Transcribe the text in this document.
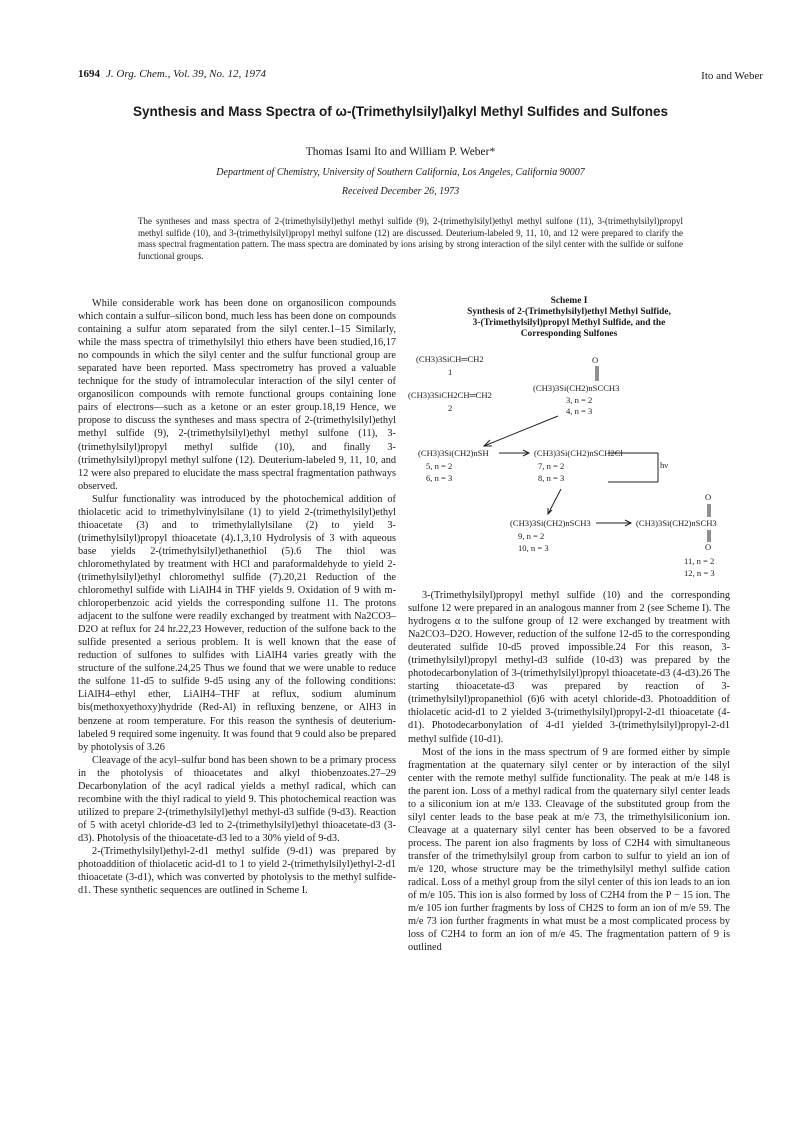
1694 J. Org. Chem., Vol. 39, No. 12, 1974	Ito and Weber
Synthesis and Mass Spectra of ω-(Trimethylsilyl)alkyl Methyl Sulfides and Sulfones
Thomas Isami Ito and William P. Weber*
Department of Chemistry, University of Southern California, Los Angeles, California 90007
Received December 26, 1973
The syntheses and mass spectra of 2-(trimethylsilyl)ethyl methyl sulfide (9), 2-(trimethylsilyl)ethyl methyl sulfone (11), 3-(trimethylsilyl)propyl methyl sulfide (10), and 3-(trimethylsilyl)propyl methyl sulfone (12) are discussed. Deuterium-labeled 9, 11, 10, and 12 were prepared to clarify the mass spectral fragmentation pattern. The mass spectra are dominated by ions arising by strong interaction of the silyl center with the sulfide or sulfone functional groups.

While considerable work has been done on organosilicon compounds which contain a sulfur–silicon bond, much less has been done on compounds containing a sulfur atom separated from the silyl center.1–15 Similarly, while the mass spectra of trimethylsilyl thio ethers have been studied,16,17 no compounds in which the silyl center and the sulfur functional group are separated have been reported. Mass spectrometry has proved a valuable technique for the study of intramolecular interaction of the silyl center of organosilicon compounds with remote functional groups containing lone pairs of electrons—such as a ketone or an ester group.18,19 Hence, we propose to discuss the syntheses and mass spectra of 2-(trimethylsilyl)ethyl methyl sulfide (9), 2-(trimethylsilyl)ethyl methyl sulfone (11), 3-(trimethylsilyl)propyl methyl sulfide (10), and finally 3-(trimethylsilyl)propyl methyl sulfone (12). Deuterium-labeled 9, 11, 10, and 12 were also prepared to elucidate the mass spectral fragmentation pathways observed.

Sulfur functionality was introduced by the photochemical addition of thiolacetic acid to trimethylvinylsilane (1) to yield 2-(trimethylsilyl)ethyl thioacetate (3) and to trimethylallylsilane (2) to yield 3-(trimethylsilyl)propyl thioacetate (4).1,3,10 Hydrolysis of 3 with aqueous base yields 2-(trimethylsilyl)ethanethiol (5).6 The thiol was chloromethylated by treatment with HCl and paraformaldehyde to yield 2-(trimethylsilyl)ethyl chloromethyl sulfide (7).20,21 Reduction of the chloromethyl sulfide with LiAlH4 in THF yields 9. Oxidation of 9 with m-chloroperbenzoic acid yields the corresponding sulfone 11. The protons adjacent to the sulfone were readily exchanged by treatment with Na2CO3–D2O at reflux for 24 hr.22,23 However, reduction of the sulfone back to the sulfide presented a serious problem. It is well known that the ease of reduction of sulfones to sulfides with LiAlH4 varies greatly with the structure of the sulfone.24,25 Thus we found that we were unable to reduce the sulfone 11-d5 to sulfide 9-d5 using any of the following conditions: LiAlH4–ethyl ether, LiAlH4–THF at reflux, sodium aluminum bis(methoxyethoxy)hydride (Red-Al) in refluxing benzene, or AlH3 in benzene at room temperature. For this reason the synthesis of deuterium-labeled 9 required some ingenuity. It was found that 9 could also be prepared by photolysis of 3.26

Cleavage of the acyl–sulfur bond has been shown to be a primary process in the photolysis of thioacetates and alkyl thiobenzoates.27–29 Decarbonylation of the acyl radical yields a methyl radical, which can recombine with the thiyl radical to yield 9. This photochemical reaction was utilized to prepare 2-(trimethylsilyl)ethyl methyl-d3 sulfide (9-d3). Reaction of 5 with acetyl chloride-d3 led to 2-(trimethylsilyl)ethyl thioacetate-d3 (3-d3). Photolysis of the thioacetate-d3 led to a 30% yield of 9-d3.

2-(Trimethylsilyl)ethyl-2-d1 methyl sulfide (9-d1) was prepared by photoaddition of thiolacetic acid-d1 to 1 to yield 2-(trimethylsilyl)ethyl-2-d1 thioacetate (3-d1), which was converted by photolysis to the methyl sulfide-d1. These synthetic sequences are outlined in Scheme I.

Scheme I
Synthesis of 2-(Trimethylsilyl)ethyl Methyl Sulfide,
3-(Trimethylsilyl)propyl Methyl Sulfide, and the
Corresponding Sulfones
(CH3)3SiCH═CH2
1
(CH3)3SiCH2CH═CH2
2
O
(CH3)3Si(CH2)nSCCH3
3, n = 2
4, n = 3
(CH3)3Si(CH2)nSH
5, n = 2
6, n = 3
(CH3)3Si(CH2)nSCH2Cl
7, n = 2
8, n = 3
hν
(CH3)3Si(CH2)nSCH3
9, n = 2
10, n = 3
O
(CH3)3Si(CH2)nSCH3
O
11, n = 2
12, n = 3

3-(Trimethylsilyl)propyl methyl sulfide (10) and the corresponding sulfone 12 were prepared in an analogous manner from 2 (see Scheme I). The hydrogens α to the sulfone group of 12 were exchanged by treatment with Na2CO3–D2O. However, reduction of the sulfone 12-d5 to the corresponding deuterated sulfide 10-d5 proved impossible.24 For this reason, 3-(trimethylsilyl)propyl methyl-d3 sulfide (10-d3) was prepared by the photodecarbonylation of 3-(trimethylsilyl)propyl thioacetate-d3 (4-d3).26 The starting thioacetate-d3 was prepared by reaction of 3-(trimethylsilyl)propanethiol (6)6 with acetyl chloride-d3. Photoaddition of thiolacetic acid-d1 to 2 yielded 3-(trimethylsilyl)propyl-2-d1 thioacetate (4-d1). Photodecarbonylation of 4-d1 yielded 3-(trimethylsilyl)propyl-2-d1 methyl sulfide (10-d1).

Most of the ions in the mass spectrum of 9 are formed either by simple fragmentation at the quaternary silyl center or by interaction of the silyl center with the remote methyl sulfide functionality. The peak at m/e 148 is the parent ion. Loss of a methyl radical from the quaternary silyl center leads to a siliconium ion at m/e 133. Cleavage of the substituted group from the silyl center leads to the base peak at m/e 73, the trimethylsiliconium ion. Cleavage at a quaternary silyl center has been observed to be a favored process. The parent ion also fragments by loss of C2H4 with simultaneous transfer of the trimethylsilyl group from carbon to sulfur to yield an ion of m/e 120, whose structure may be the trimethylsilyl methyl sulfide cation radical. Loss of a methyl group from the silyl center of this ion leads to an ion of m/e 105. This ion is also formed by loss of C2H4 from the P − 15 ion. The m/e 105 ion further fragments by loss of CH2S to form an ion of m/e 59. The m/e 73 ion further fragments in what must be a most complicated process by loss of C2H4 to form an ion of m/e 45. The fragmentation pattern of 9 is outlined
